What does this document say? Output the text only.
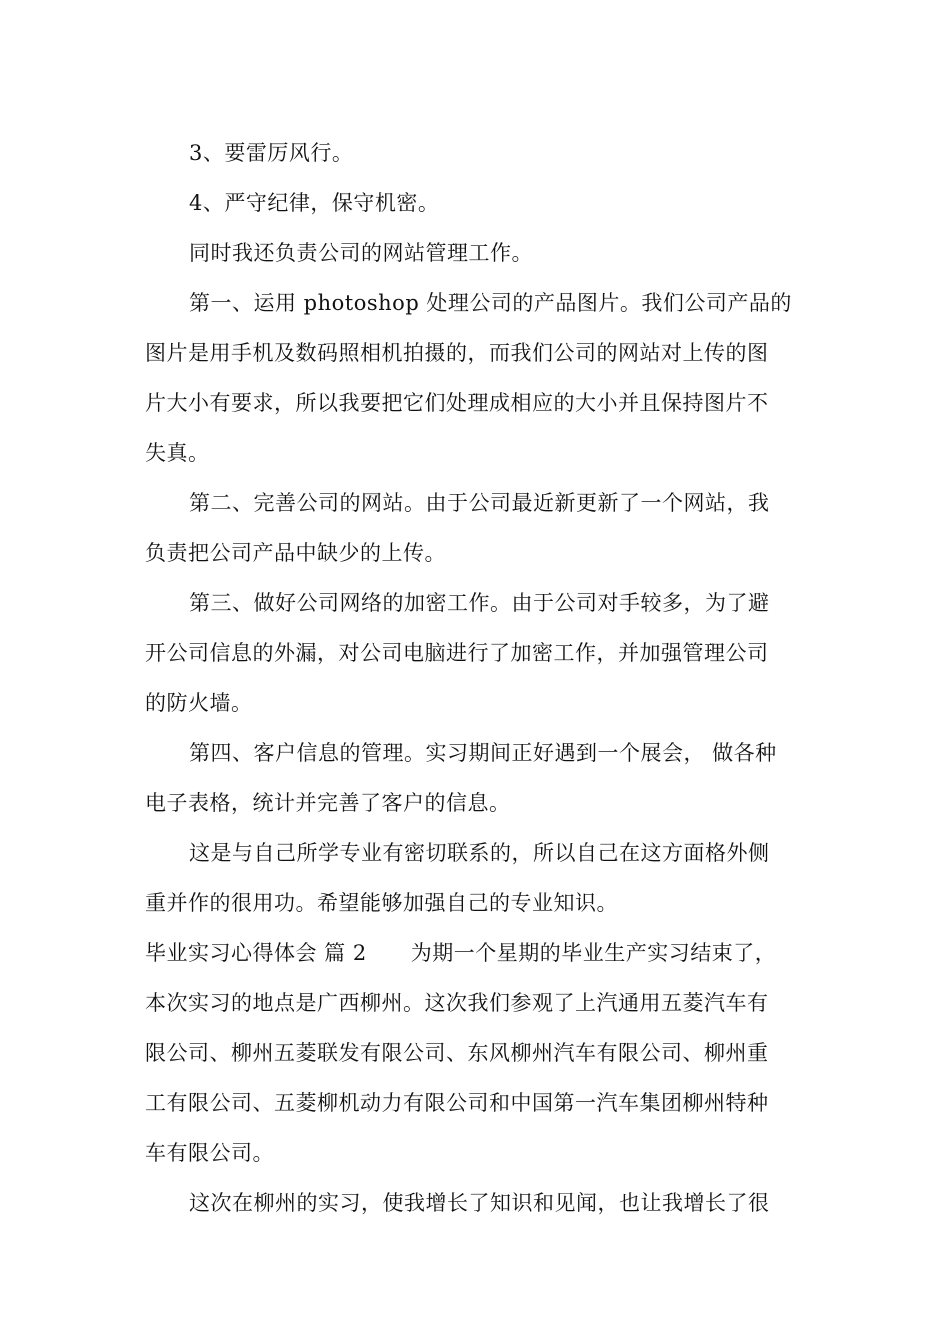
3、要雷厉风行。
4、严守纪律，保守机密。
同时我还负责公司的网站管理工作。
第一、运用 photoshop 处理公司的产品图片。我们公司产品的
图片是用手机及数码照相机拍摄的，而我们公司的网站对上传的图
片大小有要求，所以我要把它们处理成相应的大小并且保持图片不
失真。
第二、完善公司的网站。由于公司最近新更新了一个网站，我
负责把公司产品中缺少的上传。
第三、做好公司网络的加密工作。由于公司对手较多，为了避
开公司信息的外漏，对公司电脑进行了加密工作，并加强管理公司
的防火墙。
第四、客户信息的管理。实习期间正好遇到一个展会， 做各种
电子表格，统计并完善了客户的信息。
这是与自己所学专业有密切联系的，所以自己在这方面格外侧
重并作的很用功。希望能够加强自己的专业知识。
毕业实习心得体会 篇 2 为期一个星期的毕业生产实习结束了，
本次实习的地点是广西柳州。这次我们参观了上汽通用五菱汽车有
限公司、柳州五菱联发有限公司、东风柳州汽车有限公司、柳州重
工有限公司、五菱柳机动力有限公司和中国第一汽车集团柳州特种
车有限公司。
这次在柳州的实习，使我增长了知识和见闻，也让我增长了很
